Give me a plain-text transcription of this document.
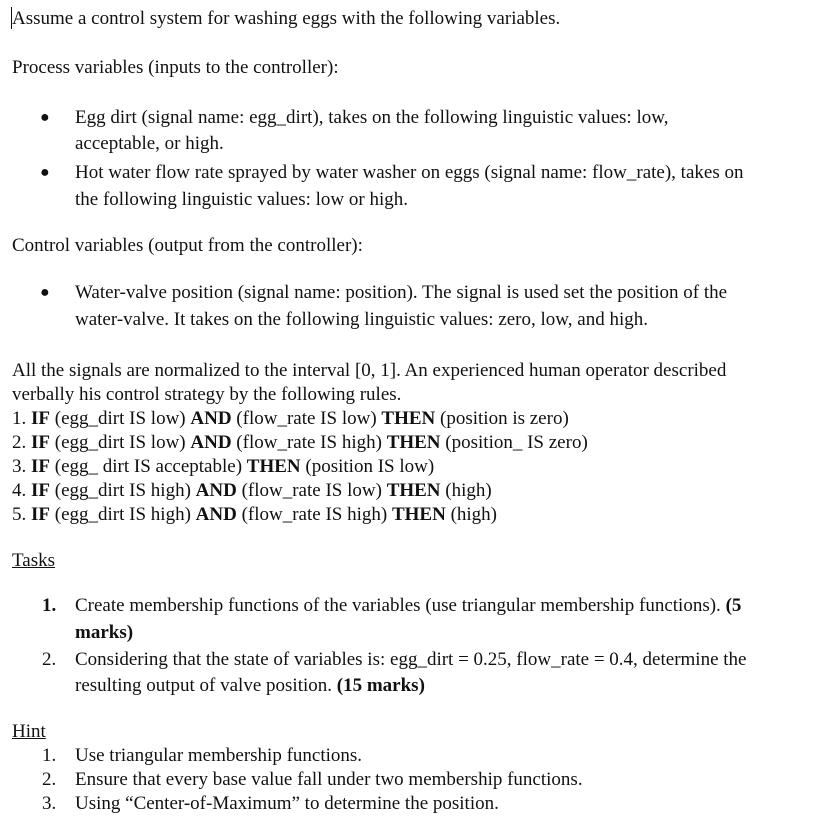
Assume a control system for washing eggs with the following variables.
Process variables (inputs to the controller):
● Egg dirt (signal name: egg_dirt), takes on the following linguistic values: low,
acceptable, or high.
● Hot water flow rate sprayed by water washer on eggs (signal name: flow_rate), takes on
the following linguistic values: low or high.
Control variables (output from the controller):
● Water-valve position (signal name: position). The signal is used set the position of the
water-valve. It takes on the following linguistic values: zero, low, and high.
All the signals are normalized to the interval [0, 1]. An experienced human operator described
verbally his control strategy by the following rules.
1. IF (egg_dirt IS low) AND (flow_rate IS low) THEN (position is zero)
2. IF (egg_dirt IS low) AND (flow_rate IS high) THEN (position_ IS zero)
3. IF (egg_ dirt IS acceptable) THEN (position IS low)
4. IF (egg_dirt IS high) AND (flow_rate IS low) THEN (high)
5. IF (egg_dirt IS high) AND (flow_rate IS high) THEN (high)
Tasks
1. Create membership functions of the variables (use triangular membership functions). (5
marks)
2. Considering that the state of variables is: egg_dirt = 0.25, flow_rate = 0.4, determine the
resulting output of valve position. (15 marks)
Hint
1. Use triangular membership functions.
2. Ensure that every base value fall under two membership functions.
3. Using “Center-of-Maximum” to determine the position.
